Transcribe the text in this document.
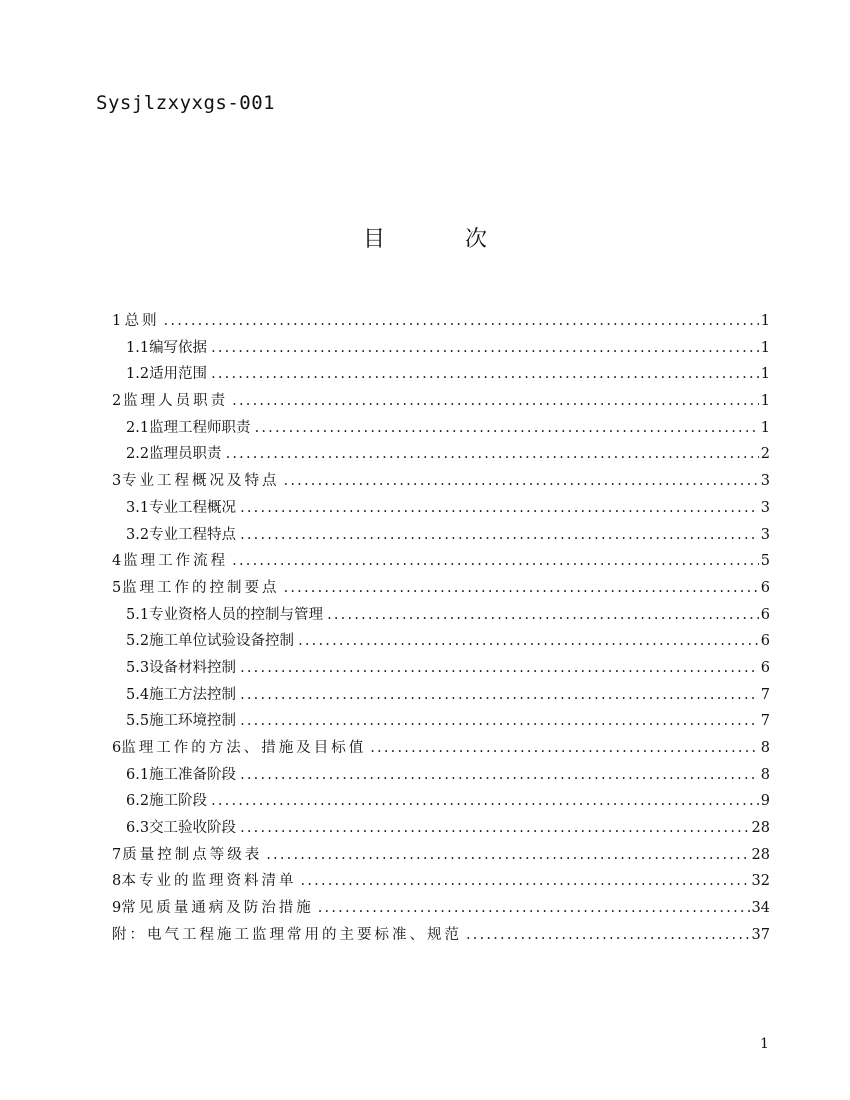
Sysjlzxyxgs-001
目	次
1 总则 .....	1
1.1 编写依据 .....	1
1.2 适用范围 .....	1
2 监理人员职责 .....	1
2.1 监理工程师职责 .....	1
2.2 监理员职责 .....	2
3 专业工程概况及特点 .....	3
3.1 专业工程概况 .....	3
3.2 专业工程特点 .....	3
4 监理工作流程 .....	5
5 监理工作的控制要点 .....	6
5.1 专业资格人员的控制与管理 .....	6
5.2 施工单位试验设备控制 .....	6
5.3 设备材料控制 .....	6
5.4 施工方法控制 .....	7
5.5 施工环境控制 .....	7
6 监理工作的方法、措施及目标值 .....	8
6.1 施工准备阶段 .....	8
6.2 施工阶段 .....	9
6.3 交工验收阶段 .....	28
7 质量控制点等级表 .....	28
8 本专业的监理资料清单 .....	32
9 常见质量通病及防治措施 .....	34
附：电气工程施工监理常用的主要标准、规范 .....	37
1
